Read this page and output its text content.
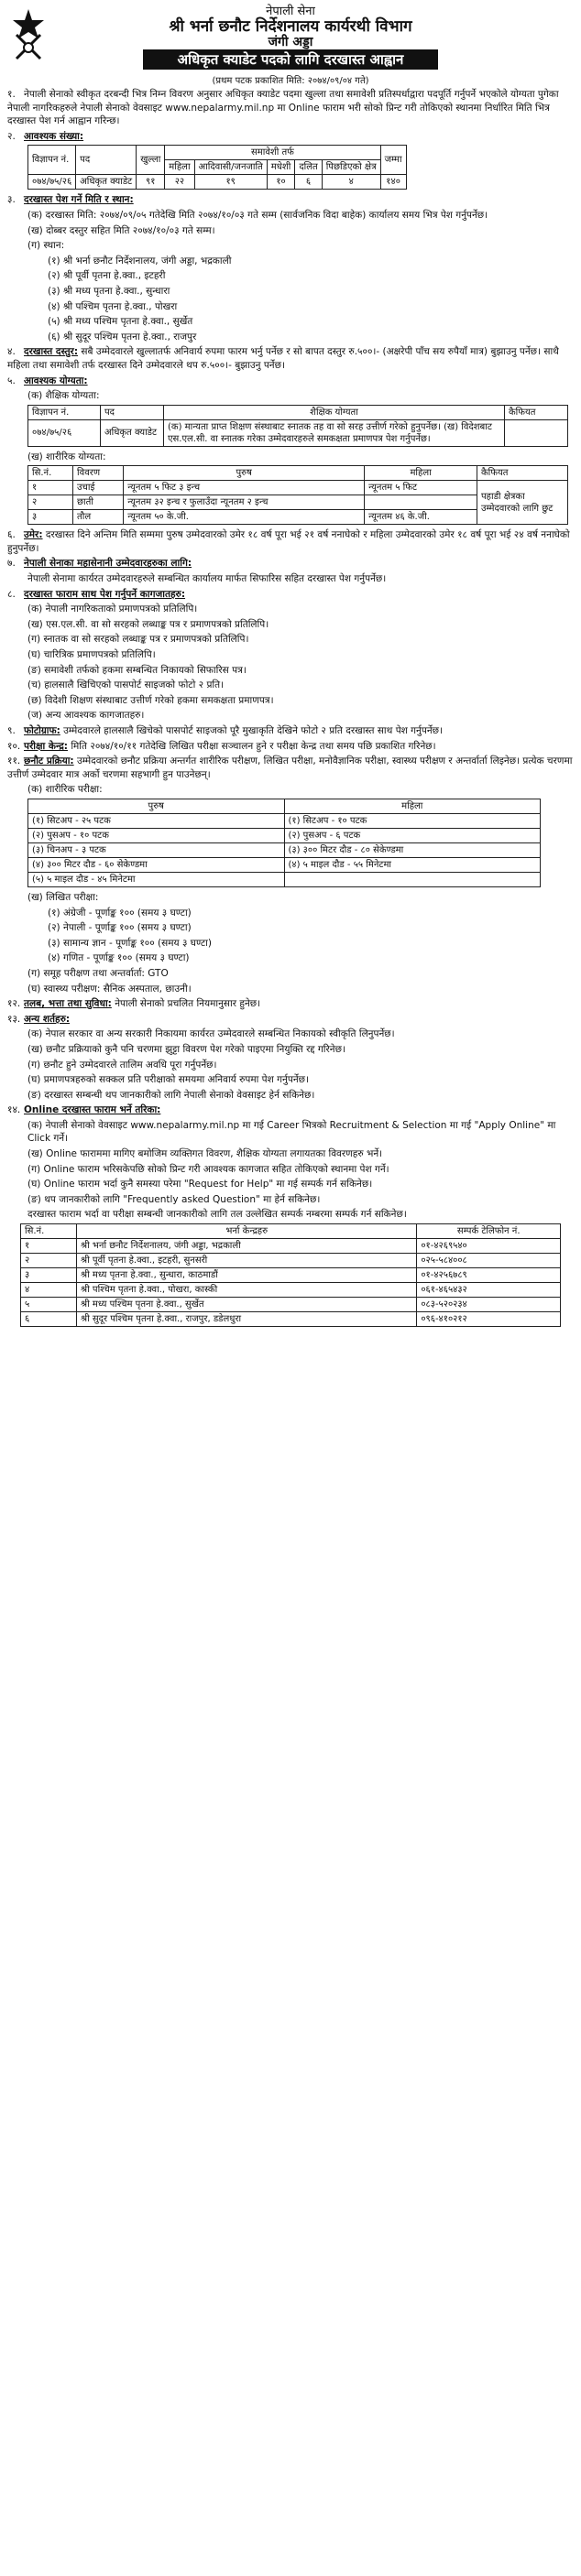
नेपाली सेना
श्री भर्ना छनौट निर्देशनालय कार्यरथी विभाग
जंगी अड्डा
अधिकृत क्याडेट पदको लागि दरखास्त आह्वान
(प्रथम पटक प्रकाशित मिति: २०७४/०९/०४ गते)

१. नेपाली सेनाको स्वीकृत दरबन्दी भित्र निम्न विवरण अनुसार अधिकृत क्याडेट पदमा खुल्ला तथा समावेशी प्रतिस्पर्धाद्वारा पदपूर्ति गर्नुपर्ने भएकोले योग्यता पुगेका नेपाली नागरिकहरुले नेपाली सेनाको वेवसाइट www.nepalarmy.mil.np मा Online फाराम भरी सोको प्रिन्ट गरी तोकिएको स्थानमा निर्धारित मिति भित्र दरखास्त पेश गर्न आह्वान गरिन्छ।

२. आवश्यक संख्या:

विज्ञापन नं.	पद	खुल्ला	समावेशी तर्फ					जम्मा
			महिला	आदिवासी/जनजाति	मधेशी	दलित	पिछडिएको क्षेत्र	
०७४/७५/२६	अधिकृत क्याडेट	९१	२२	१९	१०	६	४	१४०

३. दरखास्त पेश गर्ने मिति र स्थान:

(क) दरखास्त मिति: २०७४/०९/०५ गतेदेखि मिति २०७४/१०/०३ गते सम्म (सार्वजनिक विदा बाहेक) कार्यालय समय भित्र पेश गर्नुपर्नेछ।

(ख) दोब्बर दस्तुर सहित मिति २०७४/१०/०३ गते सम्म।

(ग) स्थान:

(१) श्री भर्ना छनौट निर्देशनालय, जंगी अड्डा, भद्रकाली

(२) श्री पूर्वी पृतना हे.क्वा., इटहरी

(३) श्री मध्य पृतना हे.क्वा., सुन्धारा

(४) श्री पश्चिम पृतना हे.क्वा., पोखरा

(५) श्री मध्य पश्चिम पृतना हे.क्वा., सुर्खेत

(६) श्री सुदूर पश्चिम पृतना हे.क्वा., राजपुर

४. दरखास्त दस्तुर: सबै उम्मेदवारले खुल्लातर्फ अनिवार्य रुपमा फारम भर्नु पर्नेछ र सो बापत दस्तुर रु.५००।- (अक्षरेपी पाँच सय रुपैयाँ मात्र) बुझाउनु पर्नेछ। साथै महिला तथा समावेशी तर्फ दरखास्त दिने उम्मेदवारले थप रु.५००।- बुझाउनु पर्नेछ।

५. आवश्यक योग्यता:

(क) शैक्षिक योग्यता:

विज्ञापन नं.	पद	शैक्षिक योग्यता	कैफियत
०७४/७५/२६	अधिकृत क्याडेट	(क) मान्यता प्राप्त शिक्षण संस्थाबाट स्नातक तह वा सो सरह उत्तीर्ण गरेको हुनुपर्नेछ। (ख) विदेशबाट एस.एल.सी. वा स्नातक गरेका उम्मेदवारहरुले समकक्षता प्रमाणपत्र पेश गर्नुपर्नेछ।	

(ख) शारीरिक योग्यता:

सि.नं.	विवरण	पुरुष	महिला	कैफियत
१	उचाई	न्यूनतम ५ फिट ३ इन्च	न्यूनतम ५ फिट	पहाडी क्षेत्रका उम्मेदवारको लागि छुट
२	छाती	न्यूनतम ३२ इन्च र फुलाउँदा न्यूनतम २ इन्च		
३	तौल	न्यूनतम ५० के.जी.	न्यूनतम ४६ के.जी.	

६. उमेर: दरखास्त दिने अन्तिम मिति सम्ममा पुरुष उम्मेदवारको उमेर १८ वर्ष पूरा भई २१ वर्ष ननाघेको र महिला उम्मेदवारको उमेर १८ वर्ष पूरा भई २४ वर्ष ननाघेको हुनुपर्नेछ।

७. नेपाली सेनाका महासेनानी उम्मेदवारहरुका लागि:

नेपाली सेनामा कार्यरत उम्मेदवारहरुले सम्बन्धित कार्यालय मार्फत सिफारिस सहित दरखास्त पेश गर्नुपर्नेछ।

८. दरखास्त फाराम साथ पेश गर्नुपर्ने कागजातहरु:

(क) नेपाली नागरिकताको प्रमाणपत्रको प्रतिलिपि।

(ख) एस.एल.सी. वा सो सरहको लब्धाङ्क पत्र र प्रमाणपत्रको प्रतिलिपि।

(ग) स्नातक वा सो सरहको लब्धाङ्क पत्र र प्रमाणपत्रको प्रतिलिपि।

(घ) चारित्रिक प्रमाणपत्रको प्रतिलिपि।

(ङ) समावेशी तर्फको हकमा सम्बन्धित निकायको सिफारिस पत्र।

(च) हालसालै खिचिएको पासपोर्ट साइजको फोटो २ प्रति।

(छ) विदेशी शिक्षण संस्थाबाट उत्तीर्ण गरेको हकमा समकक्षता प्रमाणपत्र।

(ज) अन्य आवश्यक कागजातहरु।

९. फोटोग्राफ: उम्मेदवारले हालसालै खिचेको पासपोर्ट साइजको पूरै मुखाकृति देखिने फोटो २ प्रति दरखास्त साथ पेश गर्नुपर्नेछ।

१०. परीक्षा केन्द्र: मिति २०७४/१०/११ गतेदेखि लिखित परीक्षा सञ्चालन हुने र परीक्षा केन्द्र तथा समय पछि प्रकाशित गरिनेछ।

११. छनौट प्रक्रिया: उम्मेदवारको छनौट प्रक्रिया अन्तर्गत शारीरिक परीक्षण, लिखित परीक्षा, मनोवैज्ञानिक परीक्षा, स्वास्थ्य परीक्षण र अन्तर्वार्ता लिइनेछ। प्रत्येक चरणमा उत्तीर्ण उम्मेदवार मात्र अर्को चरणमा सहभागी हुन पाउनेछन्।

(क) शारीरिक परीक्षा:

पुरुष	महिला
(१) सिटअप - २५ पटक	(१) सिटअप - १० पटक
(२) पुसअप - १० पटक	(२) पुसअप - ६ पटक
(३) चिनअप - ३ पटक	(३) ३०० मिटर दौड - ८० सेकेण्डमा
(४) ३०० मिटर दौड - ६० सेकेण्डमा	(४) ५ माइल दौड - ५५ मिनेटमा
(५) ५ माइल दौड - ४५ मिनेटमा	

(ख) लिखित परीक्षा:

(१) अंग्रेजी - पूर्णाङ्क १०० (समय ३ घण्टा)

(२) नेपाली - पूर्णाङ्क १०० (समय ३ घण्टा)

(३) सामान्य ज्ञान - पूर्णाङ्क १०० (समय ३ घण्टा)

(४) गणित - पूर्णाङ्क १०० (समय ३ घण्टा)

(ग) समूह परीक्षण तथा अन्तर्वार्ता: GTO

(घ) स्वास्थ्य परीक्षण: सैनिक अस्पताल, छाउनी।

१२. तलब, भत्ता तथा सुविधा: नेपाली सेनाको प्रचलित नियमानुसार हुनेछ।

१३. अन्य शर्तहरु:

(क) नेपाल सरकार वा अन्य सरकारी निकायमा कार्यरत उम्मेदवारले सम्बन्धित निकायको स्वीकृति लिनुपर्नेछ।

(ख) छनौट प्रक्रियाको कुनै पनि चरणमा झुट्टा विवरण पेश गरेको पाइएमा नियुक्ति रद्द गरिनेछ।

(ग) छनौट हुने उम्मेदवारले तालिम अवधि पूरा गर्नुपर्नेछ।

(घ) प्रमाणपत्रहरुको सक्कल प्रति परीक्षाको समयमा अनिवार्य रुपमा पेश गर्नुपर्नेछ।

(ङ) दरखास्त सम्बन्धी थप जानकारीको लागि नेपाली सेनाको वेवसाइट हेर्न सकिनेछ।

१४. Online दरखास्त फाराम भर्ने तरिका:

(क) नेपाली सेनाको वेवसाइट www.nepalarmy.mil.np मा गई Career भित्रको Recruitment & Selection मा गई "Apply Online" मा Click गर्ने।

(ख) Online फाराममा मागिए बमोजिम व्यक्तिगत विवरण, शैक्षिक योग्यता लगायतका विवरणहरु भर्ने।

(ग) Online फाराम भरिसकेपछि सोको प्रिन्ट गरी आवश्यक कागजात सहित तोकिएको स्थानमा पेश गर्ने।

(घ) Online फाराम भर्दा कुनै समस्या परेमा "Request for Help" मा गई सम्पर्क गर्न सकिनेछ।

(ङ) थप जानकारीको लागि "Frequently asked Question" मा हेर्न सकिनेछ।

दरखास्त फाराम भर्दा वा परीक्षा सम्बन्धी जानकारीको लागि तल उल्लेखित सम्पर्क नम्बरमा सम्पर्क गर्न सकिनेछ।

सि.नं.	भर्ना केन्द्रहरु	सम्पर्क टेलिफोन नं.
१	श्री भर्ना छनौट निर्देशनालय, जंगी अड्डा, भद्रकाली	०१-४२६९५४०
२	श्री पूर्वी पृतना हे.क्वा., इटहरी, सुनसरी	०२५-५८४००८
३	श्री मध्य पृतना हे.क्वा., सुन्धारा, काठमाडौं	०१-४२५६७८९
४	श्री पश्चिम पृतना हे.क्वा., पोखरा, कास्की	०६१-४६५४३२
५	श्री मध्य पश्चिम पृतना हे.क्वा., सुर्खेत	०८३-५२०२३४
६	श्री सुदूर पश्चिम पृतना हे.क्वा., राजपुर, डडेलधुरा	०९६-४१०२१२
